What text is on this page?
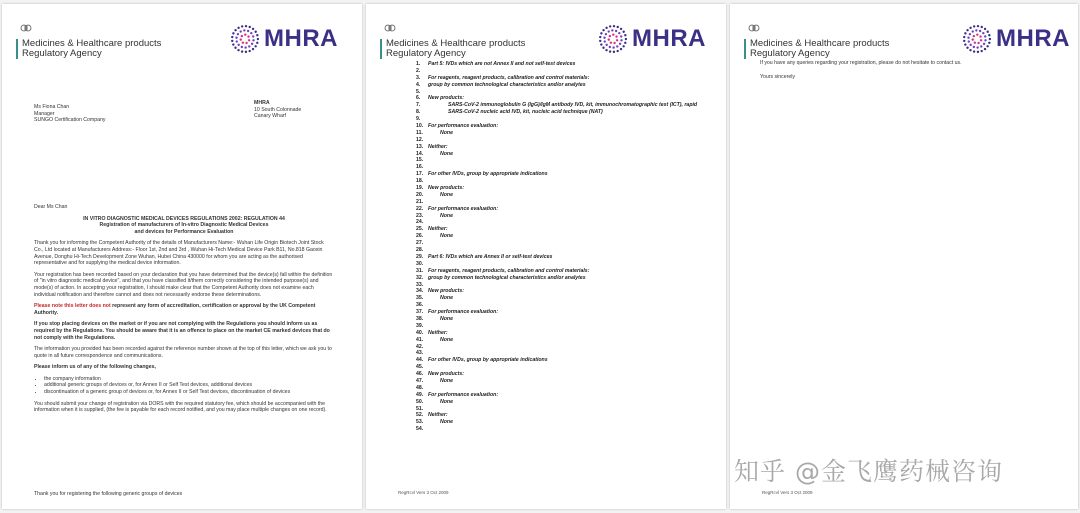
Medicines & Healthcare products
Regulatory Agency
MHRA
Ms Fiona Chan
Manager
SUNGO Certification Company
MHRA
10 South Colonnade
Canary Wharf

Dear Ms Chan

IN VITRO DIAGNOSTIC MEDICAL DEVICES REGULATIONS 2002: REGULATION 44
Registration of manufacturers of In-vitro Diagnostic Medical Devices

and devices for Performance Evaluation

Thank you for informing the Competent Authority of the details of Manufacturers Name:- Wuhan Life Origin Biotech Joint Stock Co., Ltd located at Manufacturers Address:- Floor 1st, 2nd and 3rd , Wuhan Hi-Tech Medical Device Park B11, No.818 Gaoxin Avenue, Donghu Hi-Tech Development Zone Wuhan, Hubei China 430000 for whom you are acting as the authorised representative and for supplying the medical device information.

Your registration has been recorded based on your declaration that you have determined that the device(s) fall within the definition of "in vitro diagnostic medical device", and that you have classified it/them correctly considering the intended purpose(s) and mode(s) of action. In accepting your registration, I should make clear that the Competent Authority does not examine each individual notification and therefore cannot and does not necessarily endorse these determinations.

Please note this letter does not represent any form of accreditation, certification or approval by the UK Competent Authority.

If you stop placing devices on the market or if you are not complying with the Regulations you should inform us as required by the Regulations. You should be aware that it is an offence to place on the market CE marked devices that do not comply with the Regulations.

The information you provided has been recorded against the reference number shown at the top of this letter, which we ask you to quote in all future correspondence and communications.

Please inform us of any of the following changes,

• the company information
• additional generic groups of devices or, for Annex II or Self Test devices, additional devices
• discontinuation of a generic group of devices or, for Annex II or Self Test devices, discontinuation of devices

You should submit your change of registration via DORS with the required statutory fee, which should be accompanied with the information when it is supplied, (the fee is payable for each record notified, and you may place multiple changes on one record).

Thank you for registering the following generic groups of devices
Medicines & Healthcare products
Regulatory Agency
MHRA
1.	Part 5: IVDs which are not Annex II and not self-test devices
2.
3.	For reagents, reagent products, calibration and control materials:
4.	group by common technological characteristics and/or analytes
5.
6.	New products:
7.	SARS-CoV-2 immunoglobulin G (IgG)/IgM antibody IVD, kit, immunochromatographic test (ICT), rapid
8.	SARS-CoV-2 nucleic acid IVD, kit, nucleic acid technique (NAT)
9.
10. For performance evaluation:
11.	None
12.
13. Neither:
14.	None
15.
16.
17. For other IVDs, group by appropriate indications
18.
19. New products:
20.	None
21.
22. For performance evaluation:
23.	None
24.
25. Neither:
26.	None
27.
28.
29. Part 6: IVDs which are Annex II or self-test devices
30.
31. For reagents, reagent products, calibration and control materials:
32. group by common technological characteristics and/or analytes
33.
34. New products:
35.	None
36.
37. For performance evaluation:
38.	None
39.
40. Neither:
41.	None
42.
43.
44. For other IVDs, group by appropriate indications
45.
46. New products:
47.	None
48.
49. For performance evaluation:
50.	None
51.
52. Neither:
53.	None
54.
RegRcvl Vers 3 Oct 2009
Medicines & Healthcare products
Regulatory Agency
MHRA
If you have any queries regarding your registration, please do not hesitate to contact us.
Yours sincerely
RegRcvl Vers 3 Oct 2009
知乎 @金飞鹰药械咨询
